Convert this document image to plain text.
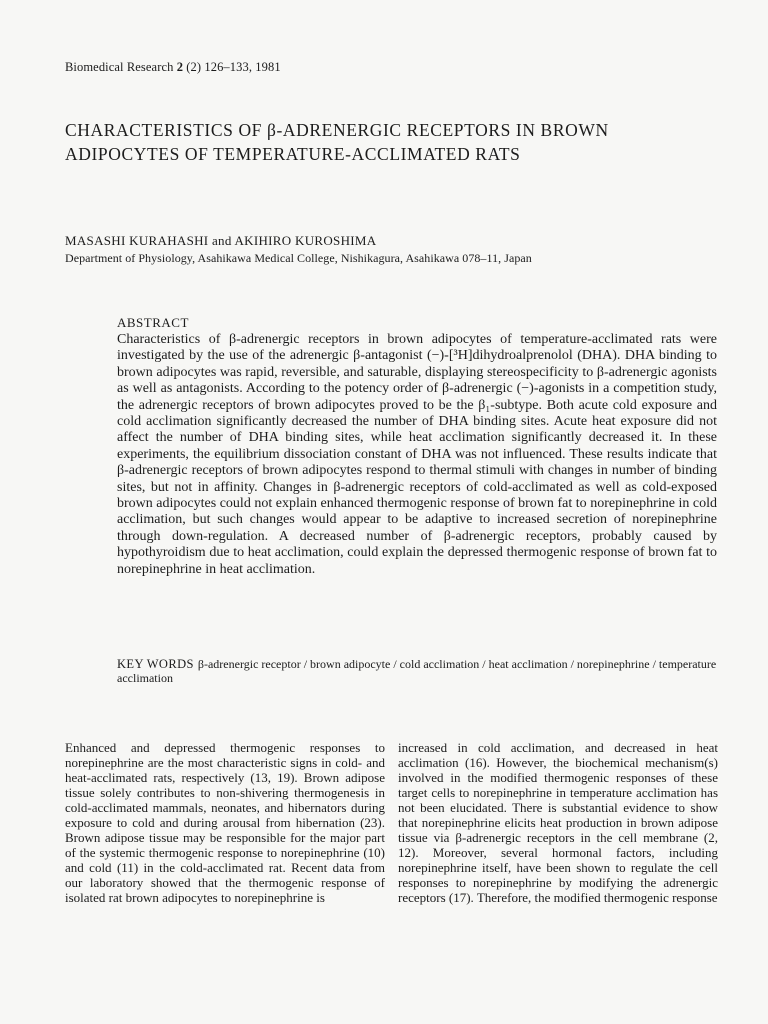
Biomedical Research 2 (2) 126–133, 1981
CHARACTERISTICS OF β-ADRENERGIC RECEPTORS IN BROWN ADIPOCYTES OF TEMPERATURE-ACCLIMATED RATS
MASASHI KURAHASHI and AKIHIRO KUROSHIMA
Department of Physiology, Asahikawa Medical College, Nishikagura, Asahikawa 078–11, Japan
ABSTRACT

Characteristics of β-adrenergic receptors in brown adipocytes of temperature-acclimated rats were investigated by the use of the adrenergic β-antagonist (−)-[³H]dihydroalprenolol (DHA). DHA binding to brown adipocytes was rapid, reversible, and saturable, displaying stereospecificity to β-adrenergic agonists as well as antagonists. According to the potency order of β-adrenergic (−)-agonists in a competition study, the adrenergic receptors of brown adipocytes proved to be the β₁-subtype. Both acute cold exposure and cold acclimation significantly decreased the number of DHA binding sites. Acute heat exposure did not affect the number of DHA binding sites, while heat acclimation significantly decreased it. In these experiments, the equilibrium dissociation constant of DHA was not influenced. These results indicate that β-adrenergic receptors of brown adipocytes respond to thermal stimuli with changes in number of binding sites, but not in affinity. Changes in β-adrenergic receptors of cold-acclimated as well as cold-exposed brown adipocytes could not explain enhanced thermogenic response of brown fat to norepinephrine in cold acclimation, but such changes would appear to be adaptive to increased secretion of norepinephrine through down-regulation. A decreased number of β-adrenergic receptors, probably caused by hypothyroidism due to heat acclimation, could explain the depressed thermogenic response of brown fat to norepinephrine in heat acclimation.

KEY WORDS β-adrenergic receptor / brown adipocyte / cold acclimation / heat acclimation / norepinephrine / temperature acclimation

Enhanced and depressed thermogenic responses to norepinephrine are the most characteristic signs in cold- and heat-acclimated rats, respectively (13, 19). Brown adipose tissue solely contributes to non-shivering thermogenesis in cold-acclimated mammals, neonates, and hibernators during exposure to cold and during arousal from hibernation (23). Brown adipose tissue may be responsible for the major part of the systemic thermogenic response to norepinephrine (10) and cold (11) in the cold-acclimated rat. Recent data from our laboratory showed that the thermogenic response of isolated rat brown adipocytes to norepinephrine is

increased in cold acclimation, and decreased in heat acclimation (16). However, the biochemical mechanism(s) involved in the modified thermogenic responses of these target cells to norepinephrine in temperature acclimation has not been elucidated. There is substantial evidence to show that norepinephrine elicits heat production in brown adipose tissue via β-adrenergic receptors in the cell membrane (2, 12). Moreover, several hormonal factors, including norepinephrine itself, have been shown to regulate the cell responses to norepinephrine by modifying the adrenergic receptors (17). Therefore, the modified thermogenic response
